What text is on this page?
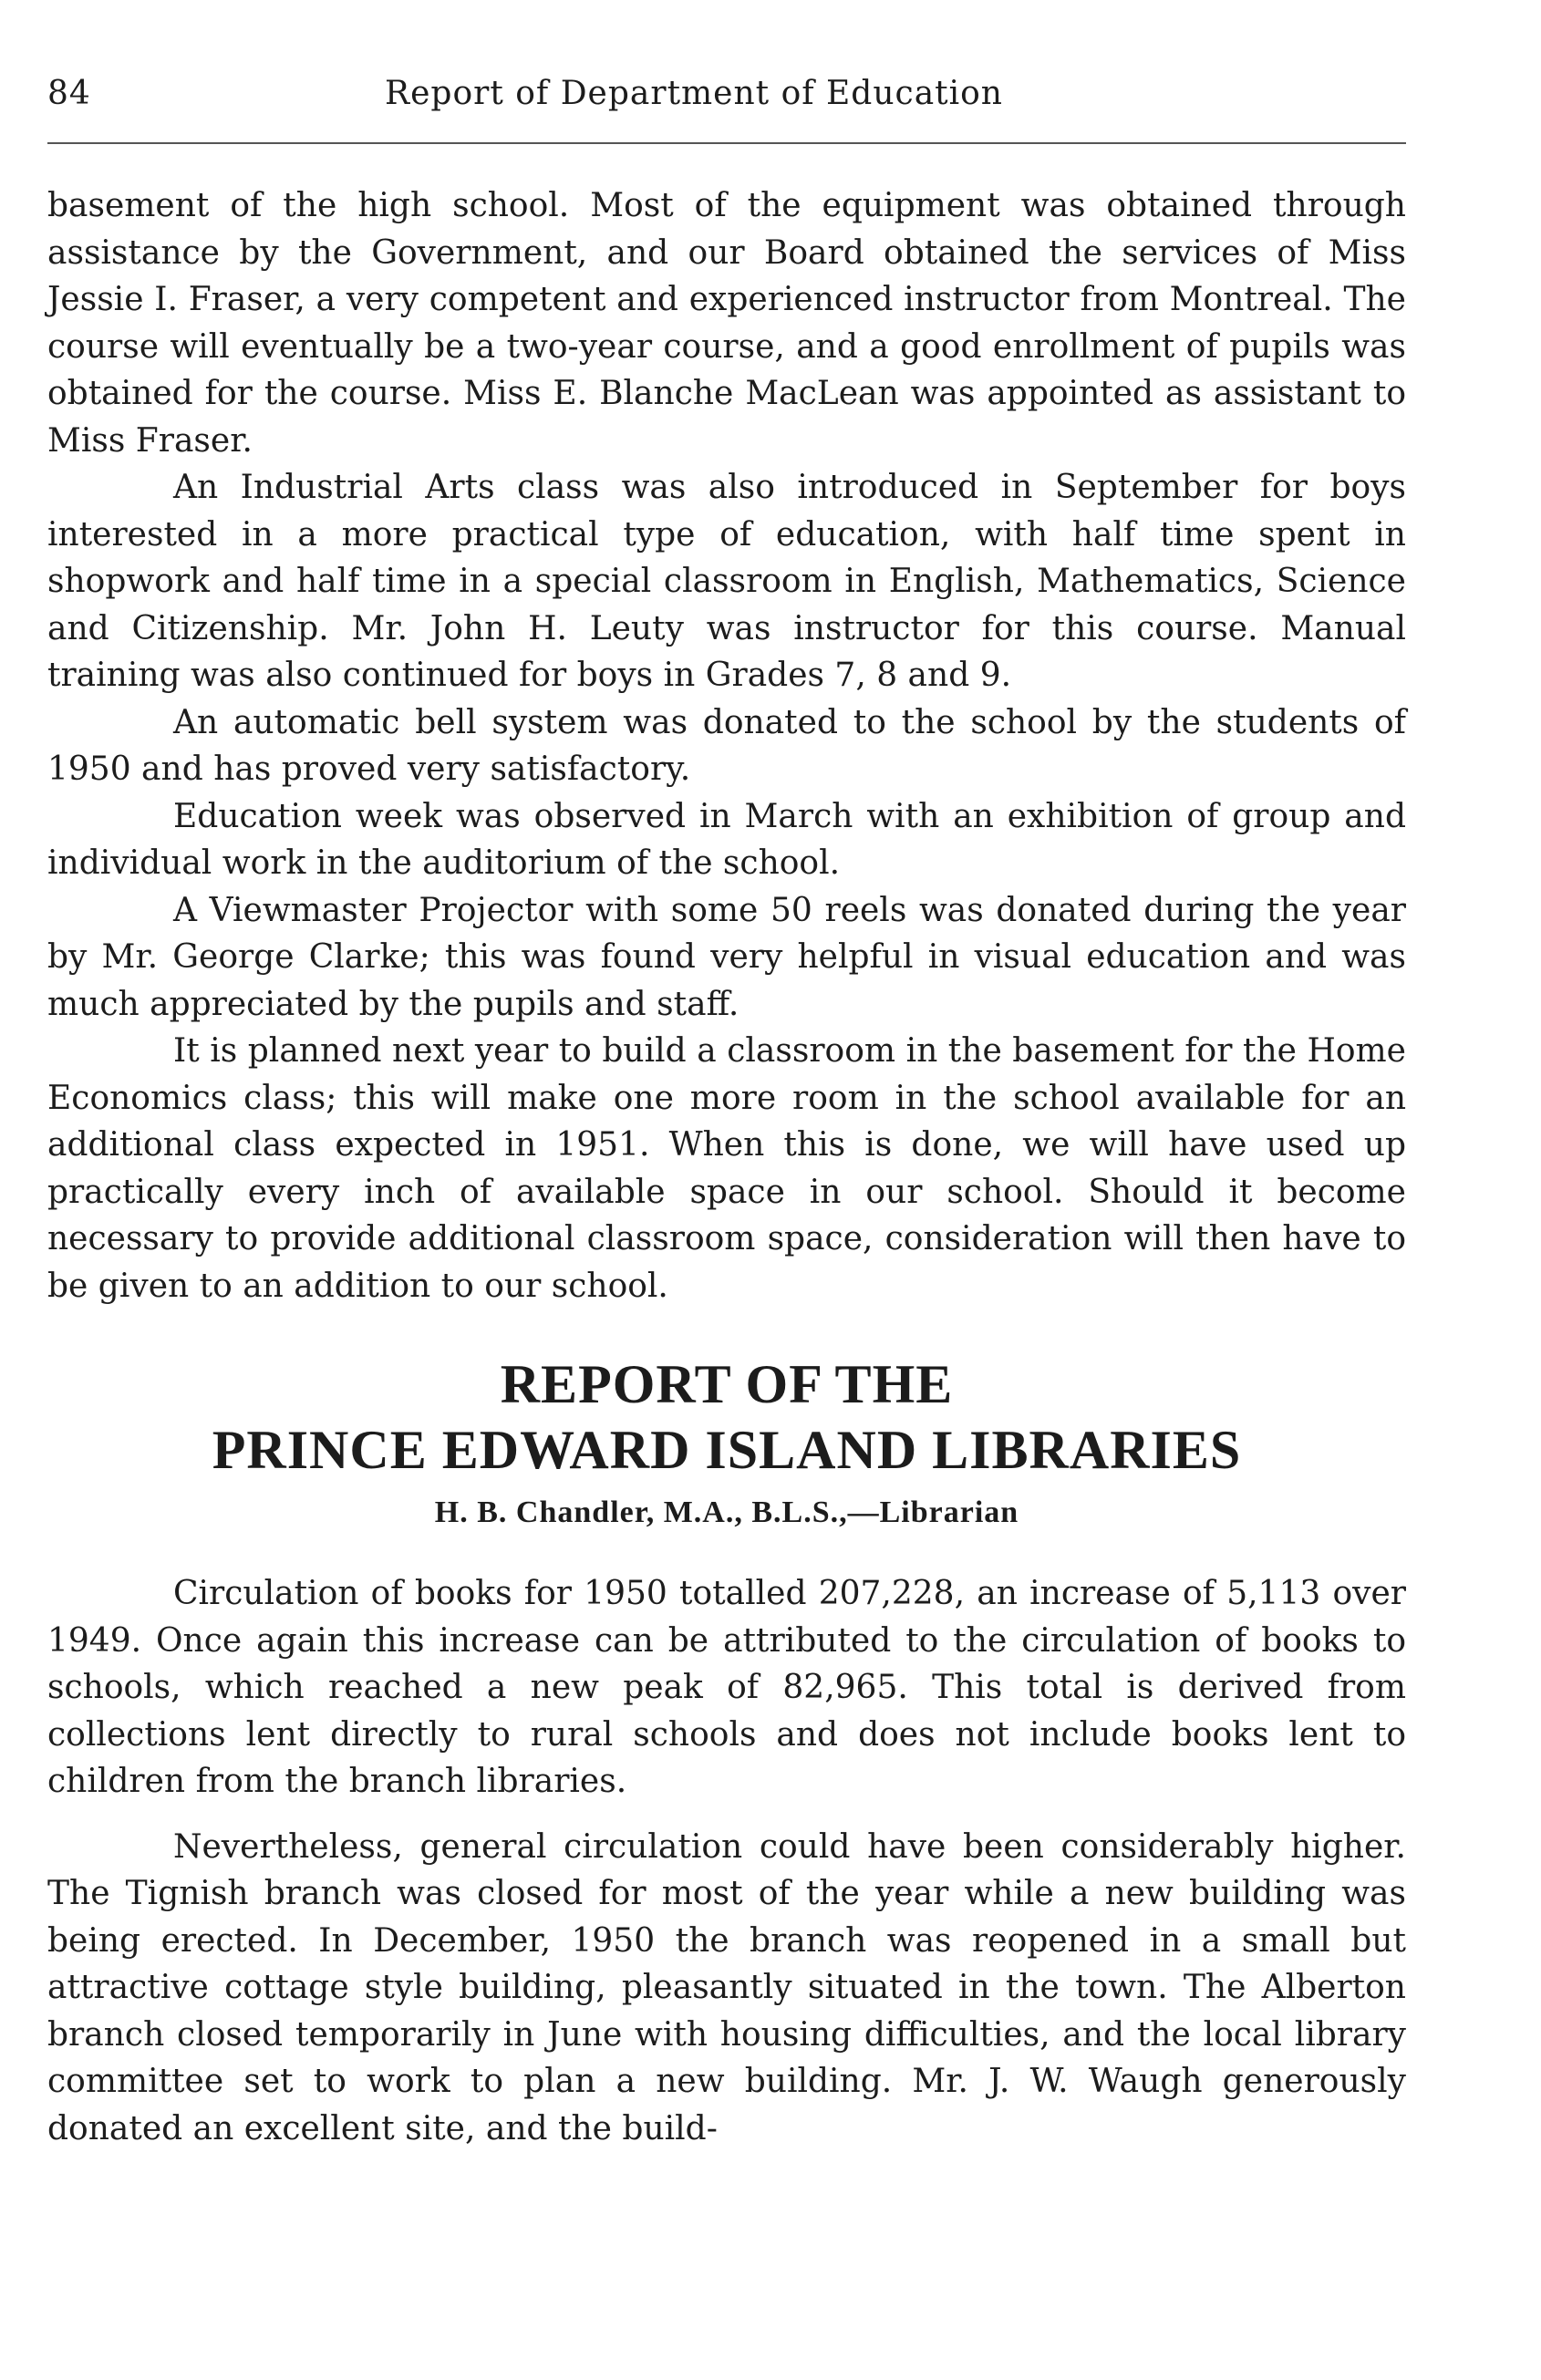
84	Report of Department of Education

basement of the high school. Most of the equipment was obtained through assistance by the Government, and our Board obtained the services of Miss Jessie I. Fraser, a very competent and experienced instructor from Montreal. The course will eventually be a two-year course, and a good enrollment of pupils was obtained for the course. Miss E. Blanche MacLean was appointed as assistant to Miss Fraser.

An Industrial Arts class was also introduced in September for boys interested in a more practical type of education, with half time spent in shopwork and half time in a special classroom in English, Mathematics, Science and Citizenship. Mr. John H. Leuty was instructor for this course. Manual training was also continued for boys in Grades 7, 8 and 9.

An automatic bell system was donated to the school by the students of 1950 and has proved very satisfactory.

Education week was observed in March with an exhibition of group and individual work in the auditorium of the school.

A Viewmaster Projector with some 50 reels was donated during the year by Mr. George Clarke; this was found very helpful in visual education and was much appreciated by the pupils and staff.

It is planned next year to build a classroom in the basement for the Home Economics class; this will make one more room in the school available for an additional class expected in 1951. When this is done, we will have used up practically every inch of available space in our school. Should it become necessary to provide additional classroom space, consideration will then have to be given to an addition to our school.

REPORT OF THE
PRINCE EDWARD ISLAND LIBRARIES
H. B. Chandler, M.A., B.L.S.,—Librarian

Circulation of books for 1950 totalled 207,228, an increase of 5,113 over 1949. Once again this increase can be attributed to the circulation of books to schools, which reached a new peak of 82,965. This total is derived from collections lent directly to rural schools and does not include books lent to children from the branch libraries.

Nevertheless, general circulation could have been considerably higher. The Tignish branch was closed for most of the year while a new building was being erected. In December, 1950 the branch was reopened in a small but attractive cottage style building, pleasantly situated in the town. The Alberton branch closed temporarily in June with housing difficulties, and the local library committee set to work to plan a new building. Mr. J. W. Waugh generously donated an excellent site, and the build-
